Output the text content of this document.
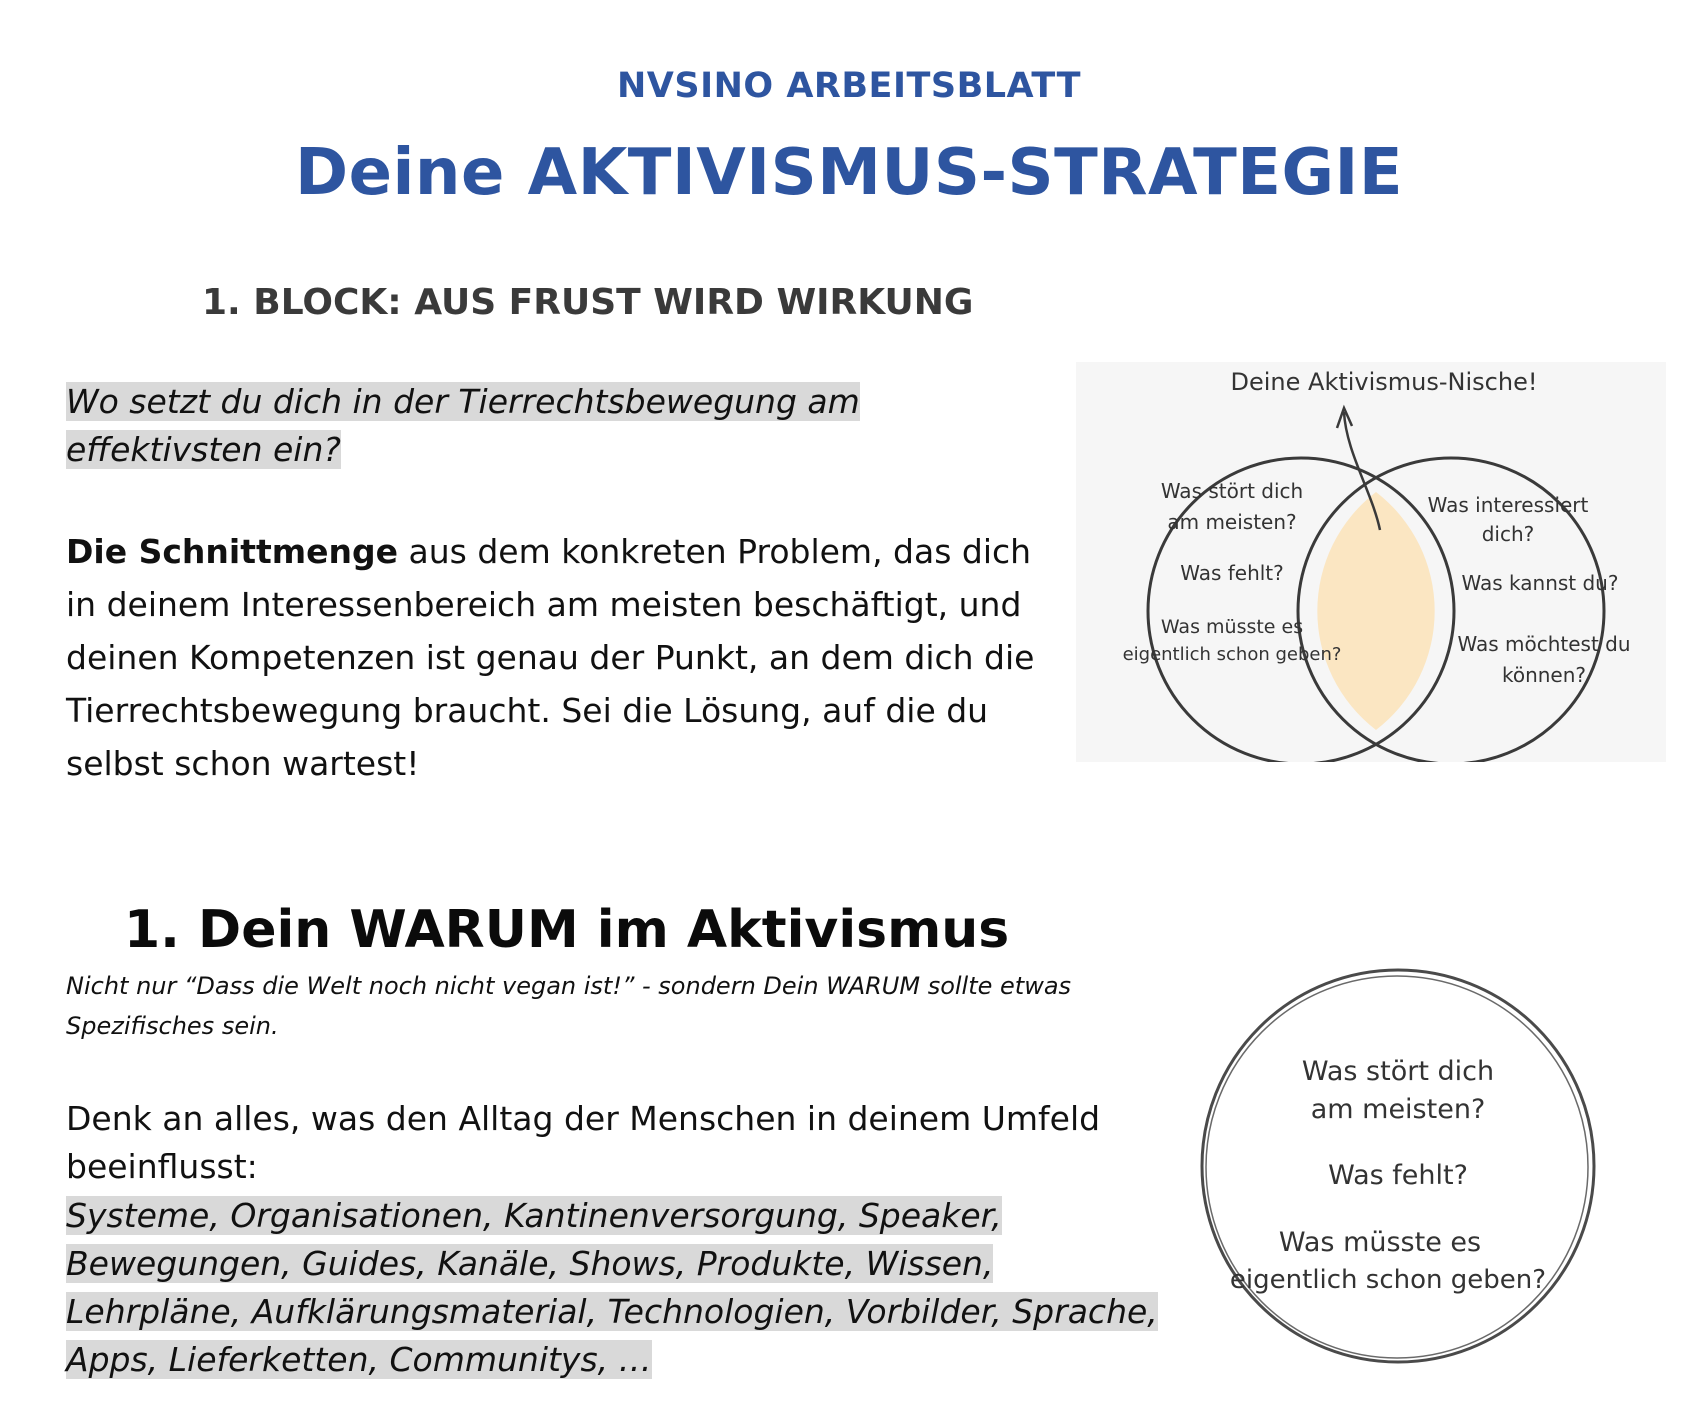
NVSINO ARBEITSBLATT
Deine AKTIVISMUS-STRATEGIE
1. BLOCK: AUS FRUST WIRD WIRKUNG
Wo setzt du dich in der Tierrechtsbewegung am effektivsten ein?
Die Schnittmenge aus dem konkreten Problem, das dich in deinem Interessenbereich am meisten beschäftigt, und deinen Kompetenzen ist genau der Punkt, an dem dich die Tierrechtsbewegung braucht. Sei die Lösung, auf die du selbst schon wartest!
Deine Aktivismus-Nische!
Was stört dich
am meisten?
Was fehlt?
Was müsste es
eigentlich schon geben?
Was interessiert
dich?
Was kannst du?
Was möchtest du
können?
1. Dein WARUM im Aktivismus
Nicht nur “Dass die Welt noch nicht vegan ist!” - sondern Dein WARUM sollte etwas Spezifisches sein.
Denk an alles, was den Alltag der Menschen in deinem Umfeld beeinflusst:
Systeme, Organisationen, Kantinenversorgung, Speaker, Bewegungen, Guides, Kanäle, Shows, Produkte, Wissen, Lehrpläne, Aufklärungsmaterial, Technologien, Vorbilder, Sprache, Apps, Lieferketten, Communitys, …
Was stört dich
am meisten?
Was fehlt?
Was müsste es
eigentlich schon geben?
